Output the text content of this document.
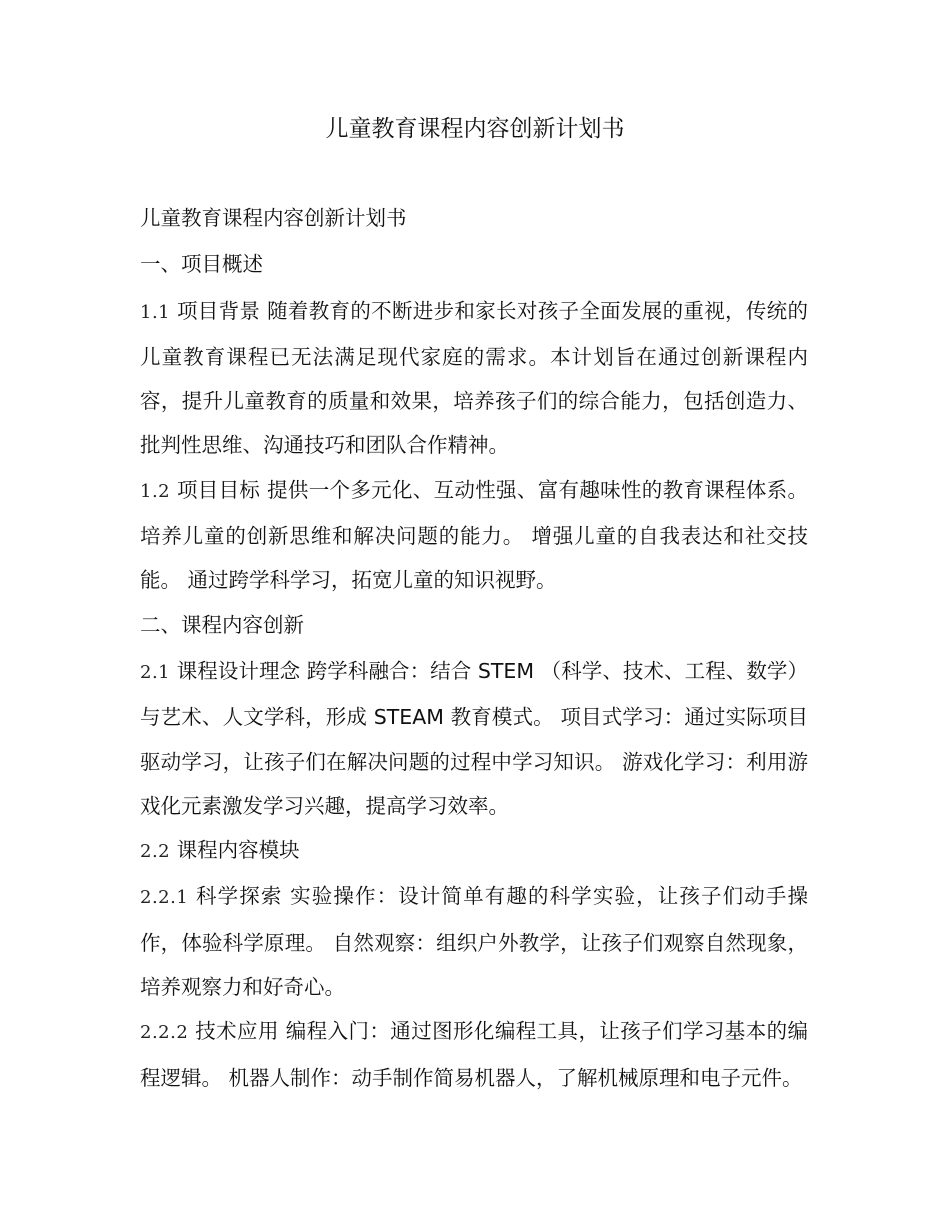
儿童教育课程内容创新计划书

儿童教育课程内容创新计划书

一、项目概述

1.1 项目背景 随着教育的不断进步和家长对孩子全面发展的重视，传统的儿童教育课程已无法满足现代家庭的需求。本计划旨在通过创新课程内容，提升儿童教育的质量和效果，培养孩子们的综合能力，包括创造力、批判性思维、沟通技巧和团队合作精神。

1.2 项目目标 提供一个多元化、互动性强、富有趣味性的教育课程体系。 培养儿童的创新思维和解决问题的能力。 增强儿童的自我表达和社交技能。 通过跨学科学习，拓宽儿童的知识视野。

二、课程内容创新

2.1 课程设计理念 跨学科融合：结合 STEM （科学、技术、工程、数学）与艺术、人文学科，形成 STEAM 教育模式。 项目式学习：通过实际项目驱动学习，让孩子们在解决问题的过程中学习知识。 游戏化学习：利用游戏化元素激发学习兴趣，提高学习效率。

2.2 课程内容模块

2.2.1 科学探索 实验操作：设计简单有趣的科学实验，让孩子们动手操作，体验科学原理。 自然观察：组织户外教学，让孩子们观察自然现象，培养观察力和好奇心。

2.2.2 技术应用 编程入门：通过图形化编程工具，让孩子们学习基本的编程逻辑。 机器人制作：动手制作简易机器人，了解机械原理和电子元件。
